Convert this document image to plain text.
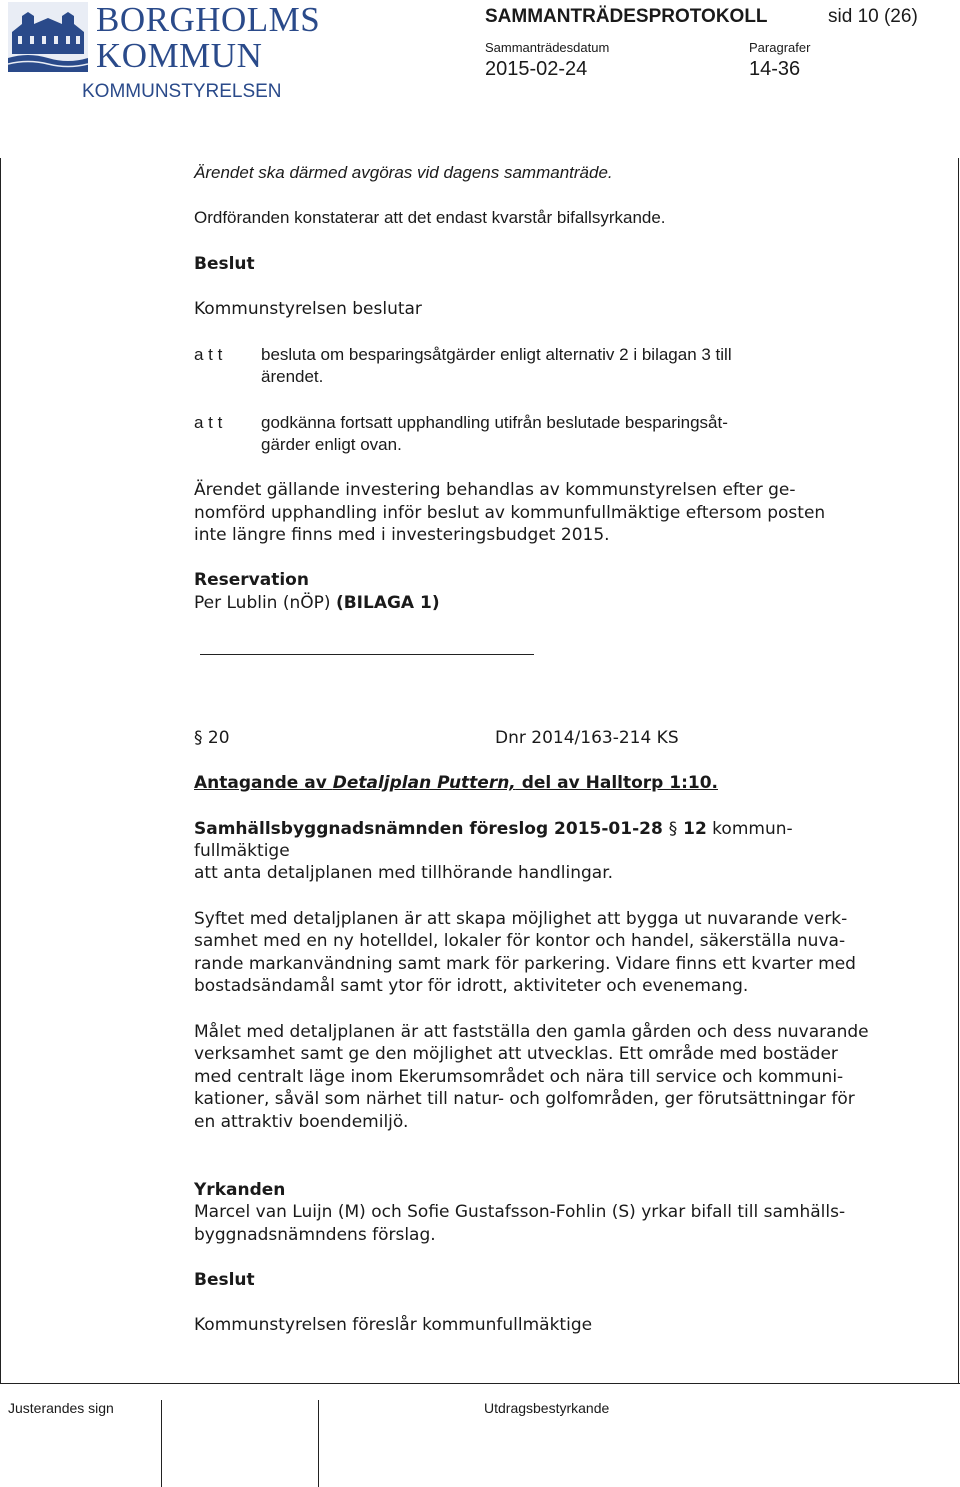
BORGHOLMS
KOMMUN
KOMMUNSTYRELSEN
SAMMANTRÄDESPROTOKOLL	sid 10 (26)
Sammanträdesdatum
2015-02-24
Paragrafer
14-36
Ärendet ska därmed avgöras vid dagens sammanträde.
Ordföranden konstaterar att det endast kvarstår bifallsyrkande.
Beslut
Kommunstyrelsen beslutar
a t t besluta om besparingsåtgärder enligt alternativ 2 i bilagan 3 till
ärendet.
a t t godkänna fortsatt upphandling utifrån beslutade besparingsåt-
gärder enligt ovan.
Ärendet gällande investering behandlas av kommunstyrelsen efter ge-
nomförd upphandling inför beslut av kommunfullmäktige eftersom posten
inte längre finns med i investeringsbudget 2015.
Reservation
Per Lublin (nÖP) (BILAGA 1)
§ 20	Dnr 2014/163-214 KS
Antagande av Detaljplan Puttern, del av Halltorp 1:10.
Samhällsbyggnadsnämnden föreslog 2015-01-28 § 12 kommun-
fullmäktige
att anta detaljplanen med tillhörande handlingar.
Syftet med detaljplanen är att skapa möjlighet att bygga ut nuvarande verk-
samhet med en ny hotelldel, lokaler för kontor och handel, säkerställa nuva-
rande markanvändning samt mark för parkering. Vidare finns ett kvarter med
bostadsändamål samt ytor för idrott, aktiviteter och evenemang.
Målet med detaljplanen är att fastställa den gamla gården och dess nuvarande
verksamhet samt ge den möjlighet att utvecklas. Ett område med bostäder
med centralt läge inom Ekerumsområdet och nära till service och kommuni-
kationer, såväl som närhet till natur- och golfområden, ger förutsättningar för
en attraktiv boendemiljö.
Yrkanden
Marcel van Luijn (M) och Sofie Gustafsson-Fohlin (S) yrkar bifall till samhälls-
byggnadsnämndens förslag.
Beslut
Kommunstyrelsen föreslår kommunfullmäktige
Justerandes sign	Utdragsbestyrkande
